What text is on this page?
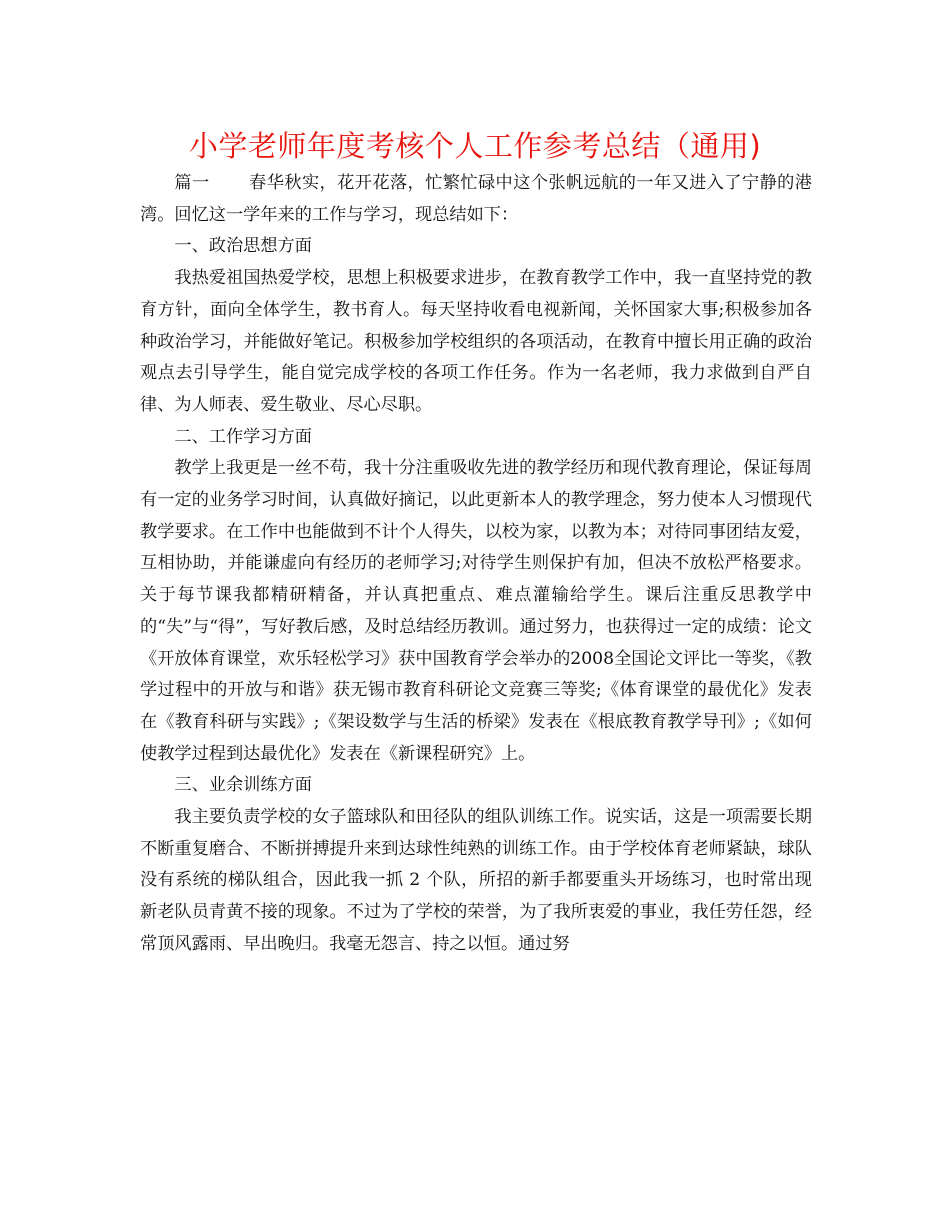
小学老师年度考核个人工作参考总结（通用)

篇一 春华秋实，花开花落，忙繁忙碌中这个张帆远航的一年又进入了宁静的港湾。回忆这一学年来的工作与学习，现总结如下：

一、政治思想方面

我热爱祖国热爱学校，思想上积极要求进步，在教育教学工作中，我一直坚持党的教育方针，面向全体学生，教书育人。每天坚持收看电视新闻，关怀国家大事;积极参加各种政治学习，并能做好笔记。积极参加学校组织的各项活动，在教育中擅长用正确的政治观点去引导学生，能自觉完成学校的各项工作任务。作为一名老师，我力求做到自严自律、为人师表、爱生敬业、尽心尽职。

二、工作学习方面

教学上我更是一丝不苟，我十分注重吸收先进的教学经历和现代教育理论，保证每周有一定的业务学习时间，认真做好摘记，以此更新本人的教学理念，努力使本人习惯现代教学要求。在工作中也能做到不计个人得失，以校为家，以教为本；对待同事团结友爱，互相协助，并能谦虚向有经历的老师学习;对待学生则保护有加，但决不放松严格要求。关于每节课我都精研精备，并认真把重点、难点灌输给学生。课后注重反思教学中的“失”与“得”，写好教后感，及时总结经历教训。通过努力，也获得过一定的成绩：论文《开放体育课堂，欢乐轻松学习》获中国教育学会举办的2008全国论文评比一等奖，《教学过程中的开放与和谐》获无锡市教育科研论文竞赛三等奖;《体育课堂的最优化》发表在《教育科研与实践》;《架设数学与生活的桥梁》发表在《根底教育教学导刊》;《如何使教学过程到达最优化》发表在《新课程研究》上。

三、业余训练方面

我主要负责学校的女子篮球队和田径队的组队训练工作。说实话，这是一项需要长期不断重复磨合、不断拼搏提升来到达球性纯熟的训练工作。由于学校体育老师紧缺，球队没有系统的梯队组合，因此我一抓 2 个队，所招的新手都要重头开场练习，也时常出现新老队员青黄不接的现象。不过为了学校的荣誉，为了我所衷爱的事业，我任劳任怨，经常顶风露雨、早出晚归。我毫无怨言、持之以恒。通过努
